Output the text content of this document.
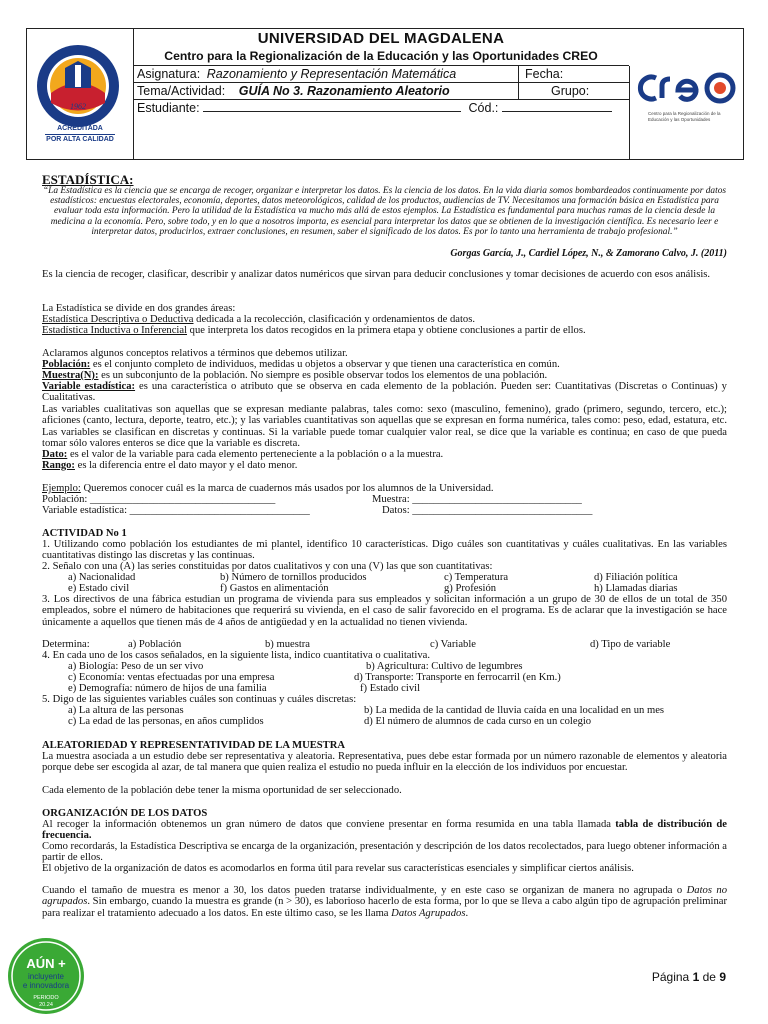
1962
ACREDITADA
POR ALTA CALIDAD
UNIVERSIDAD DEL MAGDALENA
Centro para la Regionalización de la Educación y las Oportunidades CREO
Asignatura: Razonamiento y Representación Matemática	Fecha:
Tema/Actividad: GUÍA No 3. Razonamiento Aleatorio	Grupo:
Estudiante:	Cód.:	Centro para la Regionalización de la Educación y las Oportunidades
ESTADÍSTICA:
“La Estadística es la ciencia que se encarga de recoger, organizar e interpretar los datos. Es la ciencia de los datos. En la vida diaria somos bombardeados continuamente por datos estadísticos: encuestas electorales, economía, deportes, datos meteorológicos, calidad de los productos, audiencias de TV. Necesitamos una formación básica en Estadística para evaluar toda esta información. Pero la utilidad de la Estadística va mucho más allá de estos ejemplos. La Estadística es fundamental para muchas ramas de la ciencia desde la medicina a la economía. Pero, sobre todo, y en lo que a nosotros importa, es esencial para interpretar los datos que se obtienen de la investigación científica. Es necesario leer e interpretar datos, producirlos, extraer conclusiones, en resumen, saber el significado de los datos. Es por lo tanto una herramienta de trabajo profesional.”
Gorgas García, J., Cardiel López, N., & Zamorano Calvo, J. (2011)
Es la ciencia de recoger, clasificar, describir y analizar datos numéricos que sirvan para deducir conclusiones y tomar decisiones de acuerdo con esos análisis.
La Estadística se divide en dos grandes áreas:
Estadística Descriptiva o Deductiva dedicada a la recolección, clasificación y ordenamientos de datos.
Estadística Inductiva o Inferencial que interpreta los datos recogidos en la primera etapa y obtiene conclusiones a partir de ellos.
Aclaramos algunos conceptos relativos a términos que debemos utilizar.
Población: es el conjunto completo de individuos, medidas u objetos a observar y que tienen una característica en común.
Muestra(N): es un subconjunto de la población. No siempre es posible observar todos los elementos de una población.
Variable estadística: es una característica o atributo que se observa en cada elemento de la población. Pueden ser: Cuantitativas (Discretas o Continuas) y Cualitativas.
Las variables cualitativas son aquellas que se expresan mediante palabras, tales como: sexo (masculino, femenino), grado (primero, segundo, tercero, etc.); aficiones (canto, lectura, deporte, teatro, etc.); y las variables cuantitativas son aquellas que se expresan en forma numérica, tales como: peso, edad, estatura, etc. Las variables se clasifican en discretas y continuas. Si la variable puede tomar cualquier valor real, se dice que la variable es continua; en caso de que pueda tomar sólo valores enteros se dice que la variable es discreta.
Dato: es el valor de la variable para cada elemento perteneciente a la población o a la muestra.
Rango: es la diferencia entre el dato mayor y el dato menor.
Ejemplo: Queremos conocer cuál es la marca de cuadernos más usados por los alumnos de la Universidad.
Población: ___________________________________	Muestra: ________________________________
Variable estadística: __________________________________	Datos: __________________________________
ACTIVIDAD No 1
1. Utilizando como población los estudiantes de mi plantel, identifico 10 características. Digo cuáles son cuantitativas y cuáles cualitativas. En las variables cuantitativas distingo las discretas y las continuas.
2. Señalo con una (A) las series constituidas por datos cualitativos y con una (V) las que son cuantitativas:
a) Nacionalidad	b) Número de tornillos producidos	c) Temperatura	d) Filiación política
e) Estado civil	f) Gastos en alimentación	g) Profesión	h) Llamadas diarias
3. Los directivos de una fábrica estudian un programa de vivienda para sus empleados y solicitan información a un grupo de 30 de ellos de un total de 350 empleados, sobre el número de habitaciones que requerirá su vivienda, en el caso de salir favorecido en el programa. Es de aclarar que la investigación se hace únicamente a aquellos que tienen más de 4 años de antigüedad y en la actualidad no tienen vivienda.
Determina:	a) Población	b) muestra	c) Variable	d) Tipo de variable
4. En cada uno de los casos señalados, en la siguiente lista, indico cuantitativa o cualitativa.
a) Biología: Peso de un ser vivo	b) Agricultura: Cultivo de legumbres
c) Economía: ventas efectuadas por una empresa	d) Transporte: Transporte en ferrocarril (en Km.)
e) Demografía: número de hijos de una familia	f) Estado civil
5. Digo de las siguientes variables cuáles son continuas y cuáles discretas:
a) La altura de las personas	b) La medida de la cantidad de lluvia caída en una localidad en un mes
c) La edad de las personas, en años cumplidos	d) El número de alumnos de cada curso en un colegio
ALEATORIEDAD Y REPRESENTATIVIDAD DE LA MUESTRA
La muestra asociada a un estudio debe ser representativa y aleatoria. Representativa, pues debe estar formada por un número razonable de elementos y aleatoria porque debe ser escogida al azar, de tal manera que quien realiza el estudio no pueda influir en la elección de los individuos por encuestar.
Cada elemento de la población debe tener la misma oportunidad de ser seleccionado.
ORGANIZACIÓN DE LOS DATOS
Al recoger la información obtenemos un gran número de datos que conviene presentar en forma resumida en una tabla llamada tabla de distribución de frecuencia.
Como recordarás, la Estadística Descriptiva se encarga de la organización, presentación y descripción de los datos recolectados, para luego obtener información a partir de ellos.
El objetivo de la organización de datos es acomodarlos en forma útil para revelar sus características esenciales y simplificar ciertos análisis.
Cuando el tamaño de muestra es menor a 30, los datos pueden tratarse individualmente, y en este caso se organizan de manera no agrupada o Datos no agrupados. Sin embargo, cuando la muestra es grande (n > 30), es laborioso hacerlo de esta forma, por lo que se lleva a cabo algún tipo de agrupación preliminar para realizar el tratamiento adecuado a los datos. En este último caso, se les llama Datos Agrupados.
AÚN +
incluyente
e innovadora
PERIODO
20.24
Página 1 de 9
